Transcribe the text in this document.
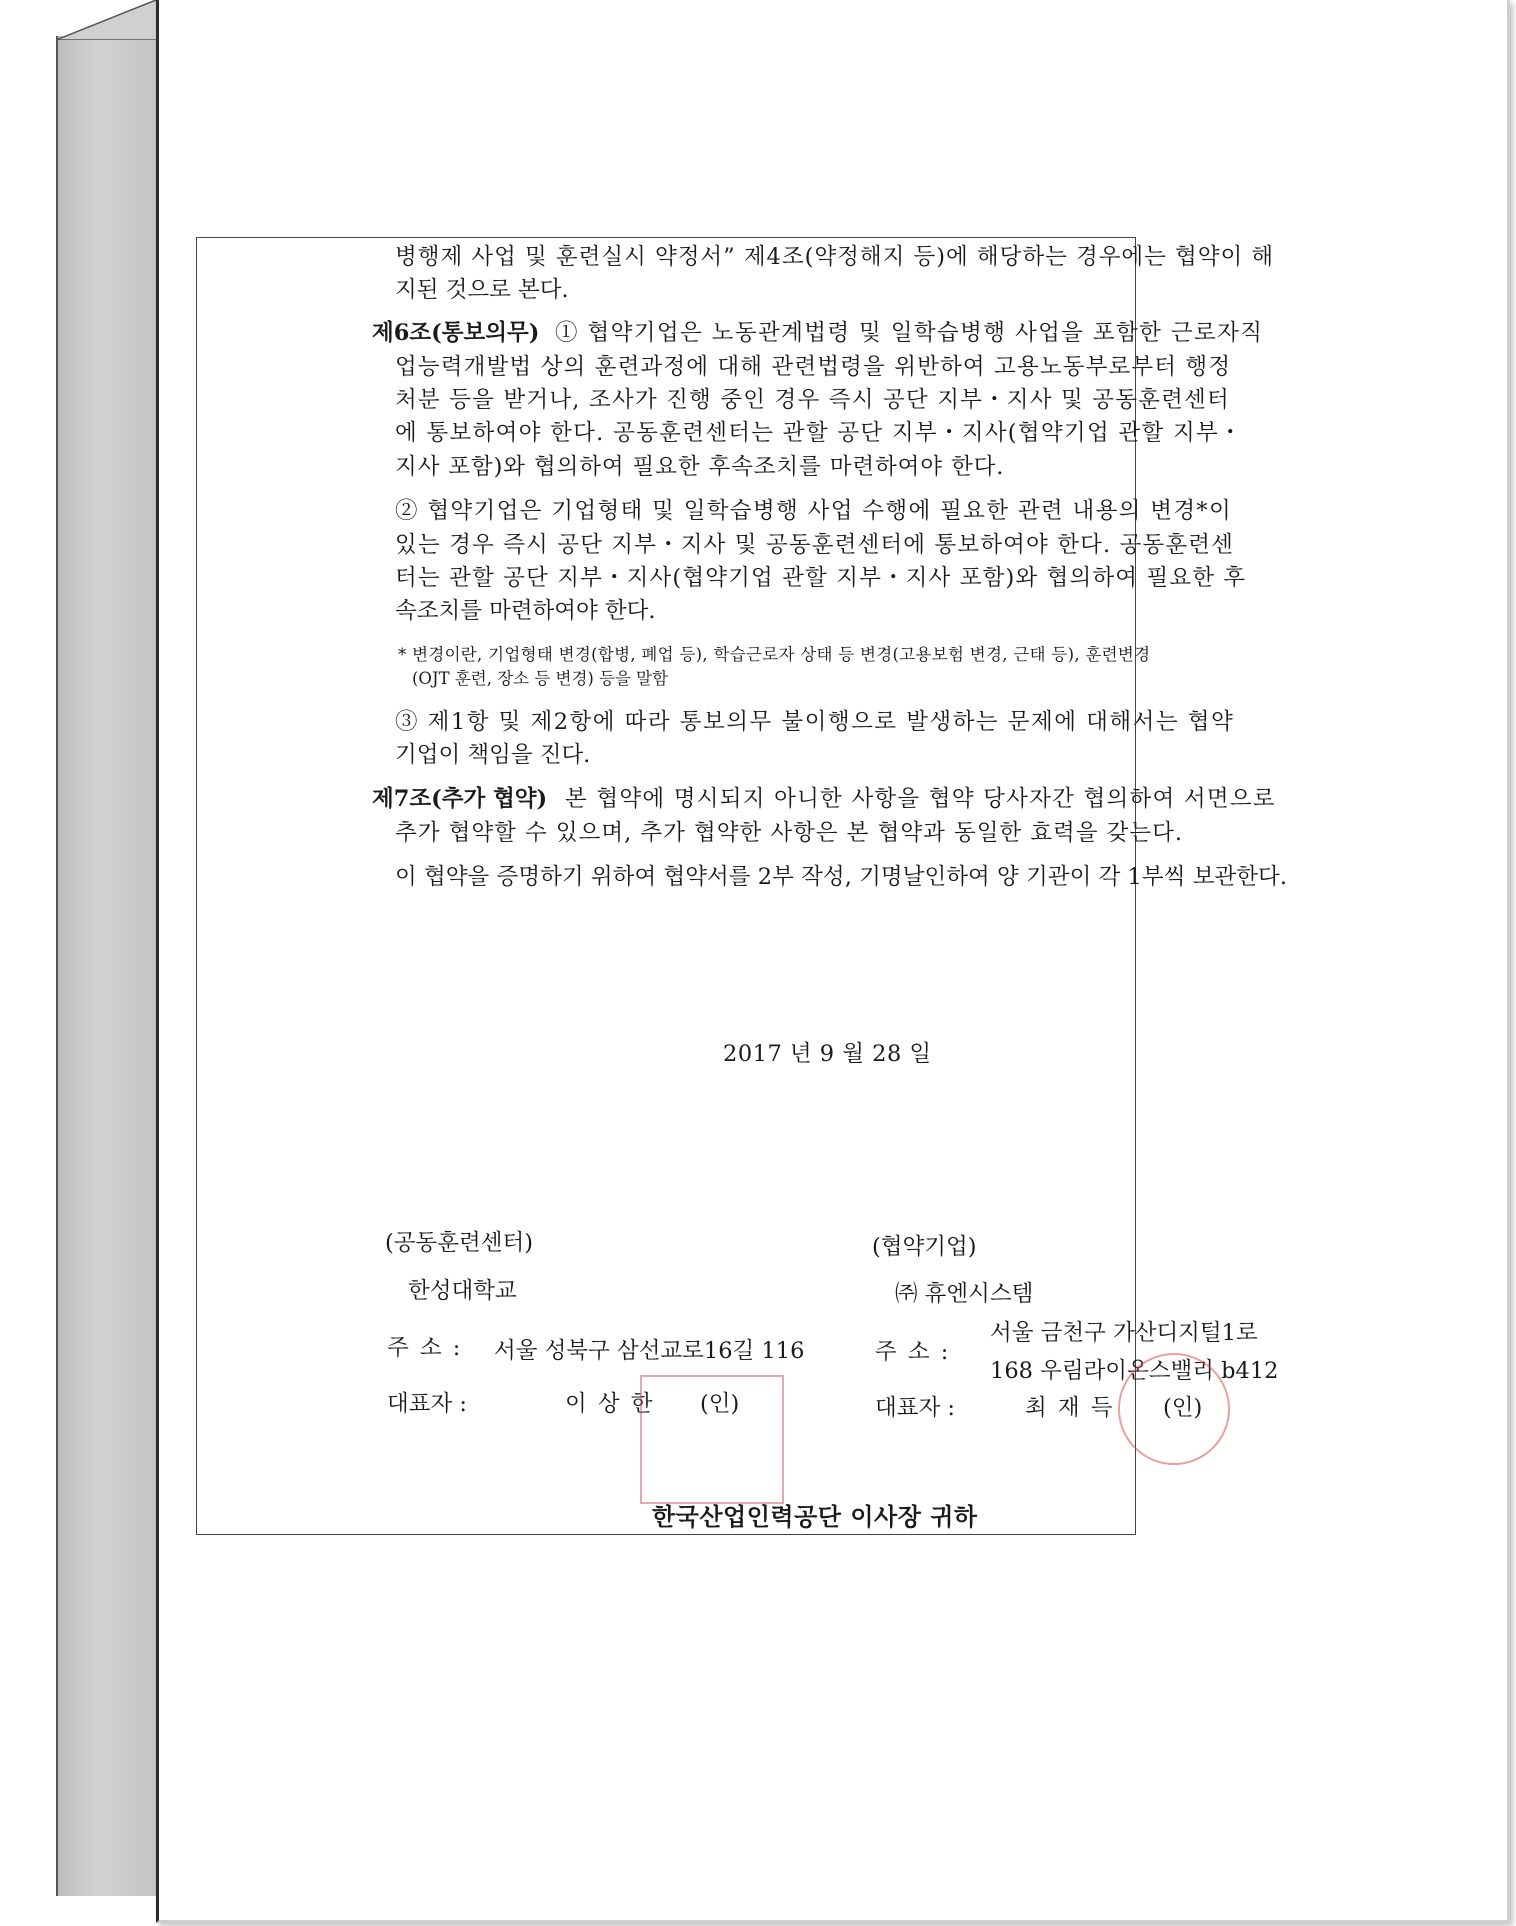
병행제 사업 및 훈련실시 약정서” 제4조(약정해지 등)에 해당하는 경우에는 협약이 해
지된 것으로 본다.
제6조(통보의무) ① 협약기업은 노동관계법령 및 일학습병행 사업을 포함한 근로자직
업능력개발법 상의 훈련과정에 대해 관련법령을 위반하여 고용노동부로부터 행정
처분 등을 받거나, 조사가 진행 중인 경우 즉시 공단 지부・지사 및 공동훈련센터
에 통보하여야 한다. 공동훈련센터는 관할 공단 지부・지사(협약기업 관할 지부・
지사 포함)와 협의하여 필요한 후속조치를 마련하여야 한다.
② 협약기업은 기업형태 및 일학습병행 사업 수행에 필요한 관련 내용의 변경*이
있는 경우 즉시 공단 지부・지사 및 공동훈련센터에 통보하여야 한다. 공동훈련센
터는 관할 공단 지부・지사(협약기업 관할 지부・지사 포함)와 협의하여 필요한 후
속조치를 마련하여야 한다.
* 변경이란, 기업형태 변경(합병, 폐업 등), 학습근로자 상태 등 변경(고용보험 변경, 근태 등), 훈련변경
(OJT 훈련, 장소 등 변경) 등을 말함
③ 제1항 및 제2항에 따라 통보의무 불이행으로 발생하는 문제에 대해서는 협약
기업이 책임을 진다.
제7조(추가 협약) 본 협약에 명시되지 아니한 사항을 협약 당사자간 협의하여 서면으로
추가 협약할 수 있으며, 추가 협약한 사항은 본 협약과 동일한 효력을 갖는다.
이 협약을 증명하기 위하여 협약서를 2부 작성, 기명날인하여 양 기관이 각 1부씩 보관한다.
2017 년 9 월 28 일
(공동훈련센터)
한성대학교
주 소 : 서울 성북구 삼선교로16길 116
대표자 :	이 상 한 (인)
(협약기업)
㈜ 휴엔시스템
주 소 :
서울 금천구 가산디지털1로
168 우림라이온스밸리 b412
대표자 :	최 재 득 (인)
한국산업인력공단 이사장 귀하
